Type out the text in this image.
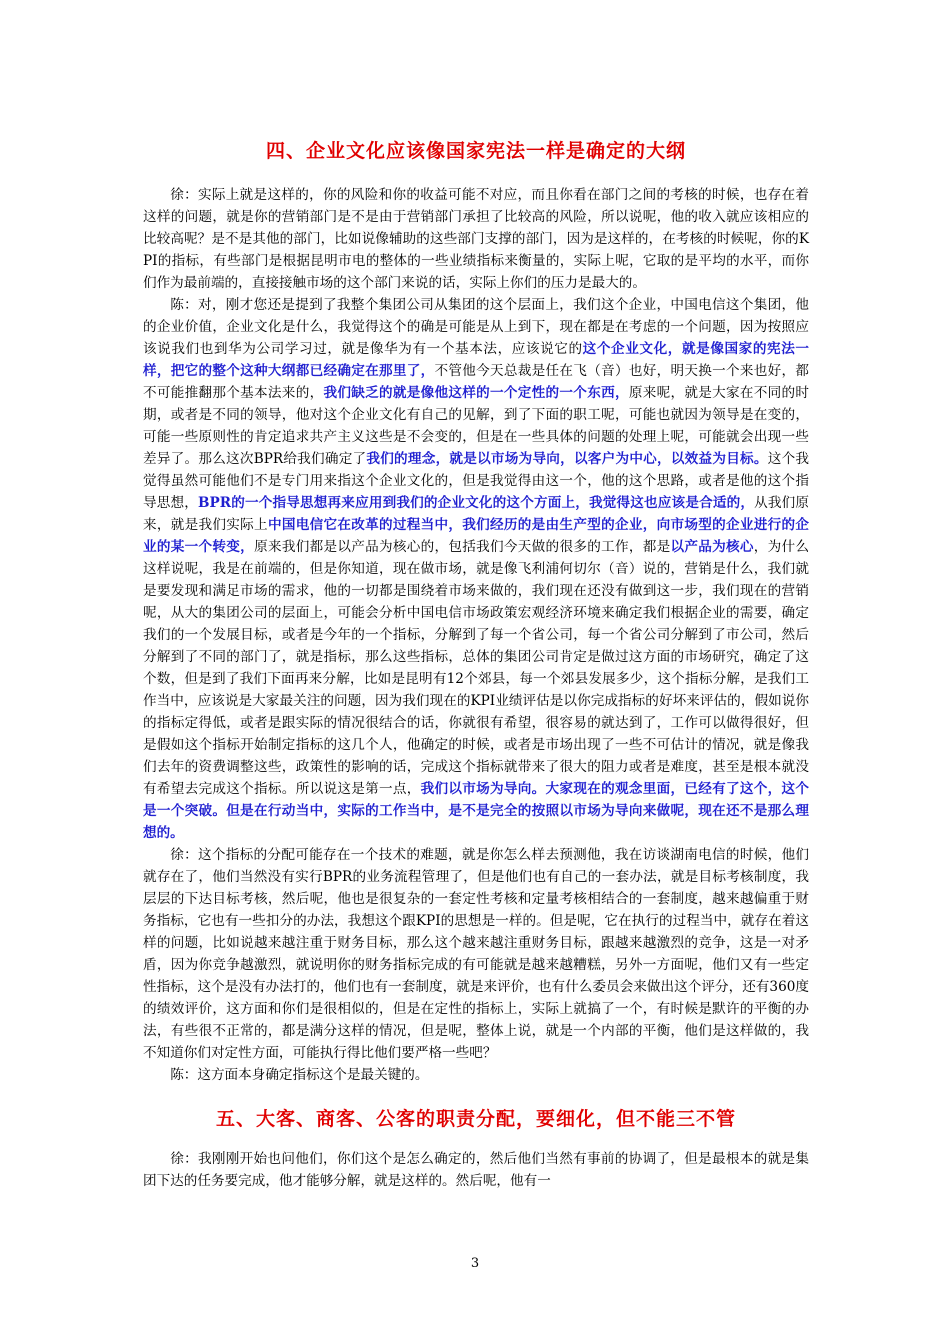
四、企业文化应该像国家宪法一样是确定的大纲

徐：实际上就是这样的，你的风险和你的收益可能不对应，而且你看在部门之间的考核的时候，也存在着这样的问题，就是你的营销部门是不是由于营销部门承担了比较高的风险，所以说呢，他的收入就应该相应的比较高呢？是不是其他的部门，比如说像辅助的这些部门支撑的部门，因为是这样的，在考核的时候呢，你的KPI的指标，有些部门是根据昆明市电的整体的一些业绩指标来衡量的，实际上呢，它取的是平均的水平，而你们作为最前端的，直接接触市场的这个部门来说的话，实际上你们的压力是最大的。

陈：对，刚才您还是提到了我整个集团公司从集团的这个层面上，我们这个企业，中国电信这个集团，他的企业价值，企业文化是什么，我觉得这个的确是可能是从上到下，现在都是在考虑的一个问题，因为按照应该说我们也到华为公司学习过，就是像华为有一个基本法，应该说它的这个企业文化，就是像国家的宪法一样，把它的整个这种大纲都已经确定在那里了，不管他今天总裁是任在飞（音）也好，明天换一个来也好，都不可能推翻那个基本法来的，我们缺乏的就是像他这样的一个定性的一个东西，原来呢，就是大家在不同的时期，或者是不同的领导，他对这个企业文化有自己的见解，到了下面的职工呢，可能也就因为领导是在变的，可能一些原则性的肯定追求共产主义这些是不会变的，但是在一些具体的问题的处理上呢，可能就会出现一些差异了。那么这次BPR给我们确定了我们的理念，就是以市场为导向，以客户为中心，以效益为目标。这个我觉得虽然可能他们不是专门用来指这个企业文化的，但是我觉得由这一个，他的这个思路，或者是他的这个指导思想，BPR的一个指导思想再来应用到我们的企业文化的这个方面上，我觉得这也应该是合适的，从我们原来，就是我们实际上中国电信它在改革的过程当中，我们经历的是由生产型的企业，向市场型的企业进行的企业的某一个转变，原来我们都是以产品为核心的，包括我们今天做的很多的工作，都是以产品为核心，为什么这样说呢，我是在前端的，但是你知道，现在做市场，就是像飞利浦何切尔（音）说的，营销是什么，我们就是要发现和满足市场的需求，他的一切都是围绕着市场来做的，我们现在还没有做到这一步，我们现在的营销呢，从大的集团公司的层面上，可能会分析中国电信市场政策宏观经济环境来确定我们根据企业的需要，确定我们的一个发展目标，或者是今年的一个指标，分解到了每一个省公司，每一个省公司分解到了市公司，然后分解到了不同的部门了，就是指标，那么这些指标，总体的集团公司肯定是做过这方面的市场研究，确定了这个数，但是到了我们下面再来分解，比如是昆明有12个郊县，每一个郊县发展多少，这个指标分解，是我们工作当中，应该说是大家最关注的问题，因为我们现在的KPI业绩评估是以你完成指标的好坏来评估的，假如说你的指标定得低，或者是跟实际的情况很结合的话，你就很有希望，很容易的就达到了，工作可以做得很好，但是假如这个指标开始制定指标的这几个人，他确定的时候，或者是市场出现了一些不可估计的情况，就是像我们去年的资费调整这些，政策性的影响的话，完成这个指标就带来了很大的阻力或者是难度，甚至是根本就没有希望去完成这个指标。所以说这是第一点，我们以市场为导向。大家现在的观念里面，已经有了这个，这个是一个突破。但是在行动当中，实际的工作当中，是不是完全的按照以市场为导向来做呢，现在还不是那么理想的。

徐：这个指标的分配可能存在一个技术的难题，就是你怎么样去预测他，我在访谈湖南电信的时候，他们就存在了，他们当然没有实行BPR的业务流程管理了，但是他们也有自己的一套办法，就是目标考核制度，我层层的下达目标考核，然后呢，他也是很复杂的一套定性考核和定量考核相结合的一套制度，越来越偏重于财务指标，它也有一些扣分的办法，我想这个跟KPI的思想是一样的。但是呢，它在执行的过程当中，就存在着这样的问题，比如说越来越注重于财务目标，那么这个越来越注重财务目标，跟越来越激烈的竞争，这是一对矛盾，因为你竞争越激烈，就说明你的财务指标完成的有可能就是越来越糟糕，另外一方面呢，他们又有一些定性指标，这个是没有办法打的，他们也有一套制度，就是来评价，也有什么委员会来做出这个评分，还有360度的绩效评价，这方面和你们是很相似的，但是在定性的指标上，实际上就搞了一个，有时候是默许的平衡的办法，有些很不正常的，都是满分这样的情况，但是呢，整体上说，就是一个内部的平衡，他们是这样做的，我不知道你们对定性方面，可能执行得比他们要严格一些吧？

陈：这方面本身确定指标这个是最关键的。

五、大客、商客、公客的职责分配，要细化，但不能三不管

徐：我刚刚开始也问他们，你们这个是怎么确定的，然后他们当然有事前的协调了，但是最根本的就是集团下达的任务要完成，他才能够分解，就是这样的。然后呢，他有一

3
